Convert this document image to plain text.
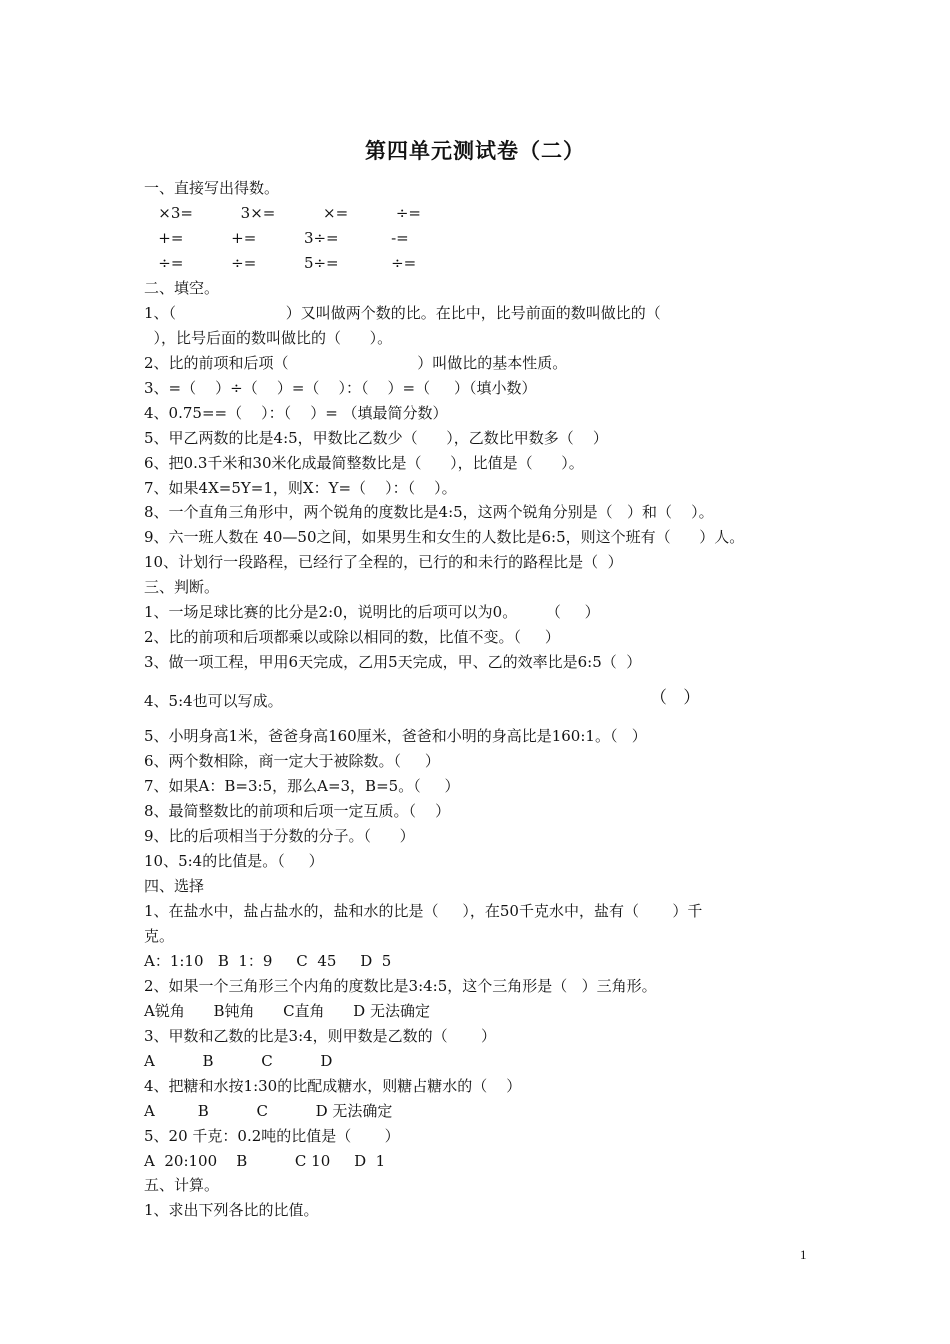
第四单元测试卷（二）
一、直接写出得数。
×3=          3×=          ×=          ÷=
+=          +=          3÷=           -=
÷=          ÷=          5÷=           ÷=
二、填空。
1、（                       ）又叫做两个数的比。在比中，比号前面的数叫做比的（
），比号后面的数叫做比的（      ）。
2、比的前项和后项（                           ）叫做比的基本性质。
3、=（    ）÷（    ）=（    ）：（    ）=（     ）（填小数）
4、0.75==（    ）：（    ）= （填最简分数）
5、甲乙两数的比是4:5，甲数比乙数少（      ），乙数比甲数多（    ）
6、把0.3千米和30米化成最简整数比是（      ），比值是（      ）。
7、如果4X=5Y=1，则X：Y=（    ）：（    ）。
8、一个直角三角形中，两个锐角的度数比是4:5，这两个锐角分别是（   ）和（    ）。
9、六一班人数在 40—50之间，如果男生和女生的人数比是6:5，则这个班有（      ）人。
10、计划行一段路程，已经行了全程的，已行的和未行的路程比是（  ）
三、判断。
1、一场足球比赛的比分是2:0，说明比的后项可以为0。      （     ）
2、比的前项和后项都乘以或除以相同的数，比值不变。（     ）
3、做一项工程，甲用6天完成，乙用5天完成，甲、乙的效率比是6:5（  ）
4、5:4也可以写成。	（   ）
5、小明身高1米，爸爸身高160厘米，爸爸和小明的身高比是160:1。（   ）
6、两个数相除，商一定大于被除数。（     ）
7、如果A：B=3:5，那么A=3，B=5。（     ）
8、最简整数比的前项和后项一定互质。（    ）
9、比的后项相当于分数的分子。（      ）
10、5:4的比值是。（     ）
四、选择
1、在盐水中，盐占盐水的，盐和水的比是（     ），在50千克水中，盐有（       ）千
克。
A：1:10   B  1：9     C  45     D  5
2、如果一个三角形三个内角的度数比是3:4:5，这个三角形是（   ）三角形。
A锐角      B钝角      C直角      D 无法确定
3、甲数和乙数的比是3:4，则甲数是乙数的（       ）
A          B          C          D
4、把糖和水按1:30的比配成糖水，则糖占糖水的（    ）
A         B          C          D 无法确定
5、20 千克：0.2吨的比值是（       ）
A  20:100    B          C 10     D  1
五、计算。
1、求出下列各比的比值。
1
